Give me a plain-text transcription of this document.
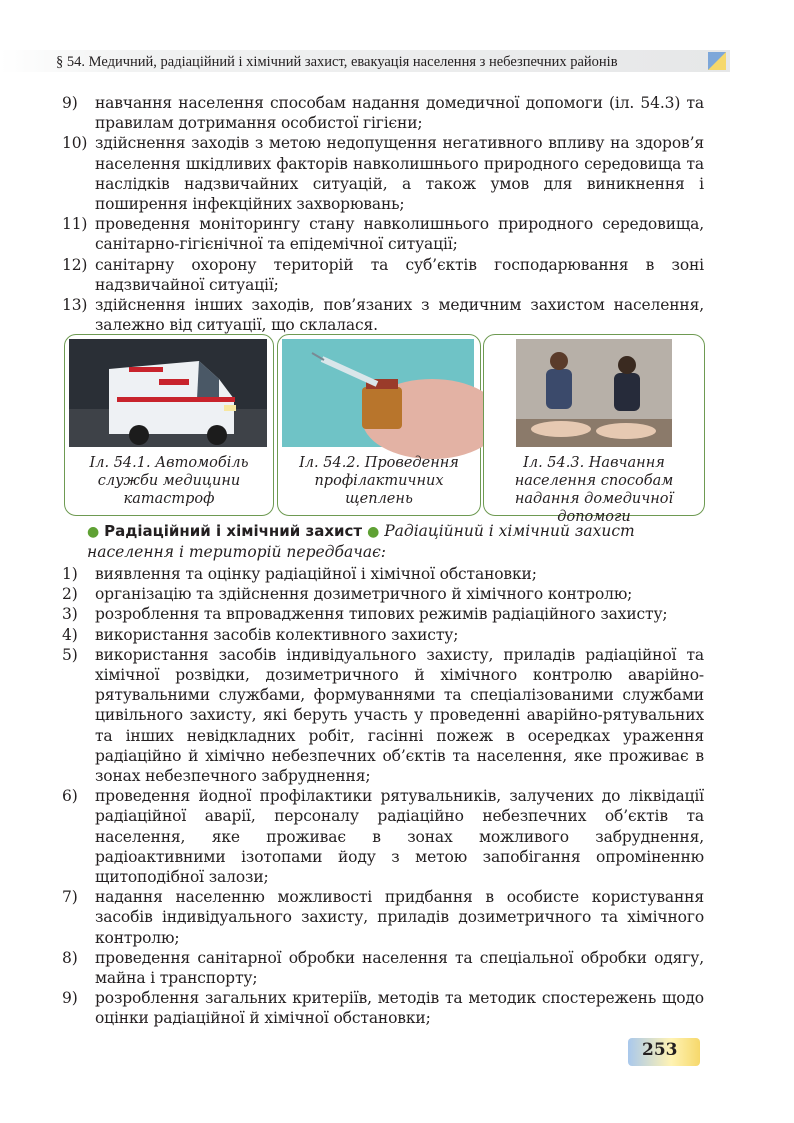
§ 54. Медичний, радіаційний і хімічний захист, евакуація населення з небезпечних районів
9) навчання населення способам надання домедичної допомоги (іл. 54.3) та правилам дотримання особистої гігієни;
10) здійснення заходів з метою недопущення негативного впливу на здоров’я населення шкідливих факторів навколишнього природного середовища та наслідків надзвичайних ситуацій, а також умов для виникнення і поширення інфекційних захворювань;
11) проведення моніторингу стану навколишнього природного середовища, санітарно-гігієнічної та епідемічної ситуації;
12) санітарну охорону територій та суб’єктів господарювання в зоні надзвичайної ситуації;
13) здійснення інших заходів, пов’язаних з медичним захистом населення, залежно від ситуації, що склалася.
Іл. 54.1. Автомобіль служби медицини катастроф
Іл. 54.2. Проведення профілактичних щеплень
Іл. 54.3. Навчання населення способам надання домедичної допомоги
● Радіаційний і хімічний захист ● Радіаційний і хімічний захист населення і територій передбачає:
1) виявлення та оцінку радіаційної і хімічної обстановки;
2) організацію та здійснення дозиметричного й хімічного контролю;
3) розроблення та впровадження типових режимів радіаційного захисту;
4) використання засобів колективного захисту;
5) використання засобів індивідуального захисту, приладів радіаційної та хімічної розвідки, дозиметричного й хімічного контролю аварійно-рятувальними службами, формуваннями та спеціалізованими службами цивільного захисту, які беруть участь у проведенні аварійно-рятувальних та інших невідкладних робіт, гасінні пожеж в осередках ураження радіаційно й хімічно небезпечних об’єктів та населення, яке проживає в зонах небезпечного забруднення;
6) проведення йодної профілактики рятувальників, залучених до ліквідації радіаційної аварії, персоналу радіаційно небезпечних об’єктів та населення, яке проживає в зонах можливого забруднення, радіоактивними ізотопами йоду з метою запобігання опроміненню щитоподібної залози;
7) надання населенню можливості придбання в особисте користування засобів індивідуального захисту, приладів дозиметричного та хімічного контролю;
8) проведення санітарної обробки населення та спеціальної обробки одягу, майна і транспорту;
9) розроблення загальних критеріїв, методів та методик спостережень щодо оцінки радіаційної й хімічної обстановки;
253
